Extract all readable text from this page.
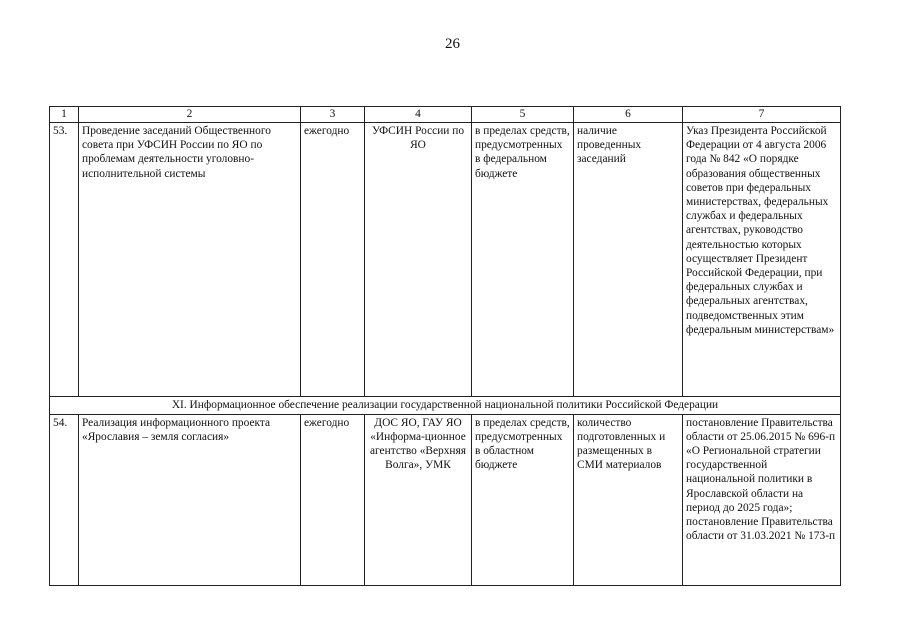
26
1	2	3	4	5	6	7
53.	Проведение заседаний Общественного совета при УФСИН России по ЯО по проблемам деятельности уголовно-исполнительной системы	ежегодно	УФСИН России по ЯО	в пределах средств, предусмотренных в федеральном бюджете	наличие проведенных заседаний	Указ Президента Российской Федерации от 4 августа 2006 года № 842 «О порядке образования общественных советов при федеральных министерствах, федеральных службах и федеральных агентствах, руководство деятельностью которых осуществляет Президент Российской Федерации, при федеральных службах и федеральных агентствах, подведомственных этим федеральным министерствам»
XI. Информационное обеспечение реализации государственной национальной политики Российской Федерации						
54.	Реализация информационного проекта «Ярославия – земля согласия»	ежегодно	ДОС ЯО, ГАУ ЯО «Информа-ционное агентство «Верхняя Волга», УМК	в пределах средств, предусмотренных в областном бюджете	количество подготовленных и размещенных в СМИ материалов	постановление Правительства области от 25.06.2015 № 696-п «О Региональной стратегии государственной национальной политики в Ярославской области на период до 2025 года»; постановление Правительства области от 31.03.2021 № 173-п
